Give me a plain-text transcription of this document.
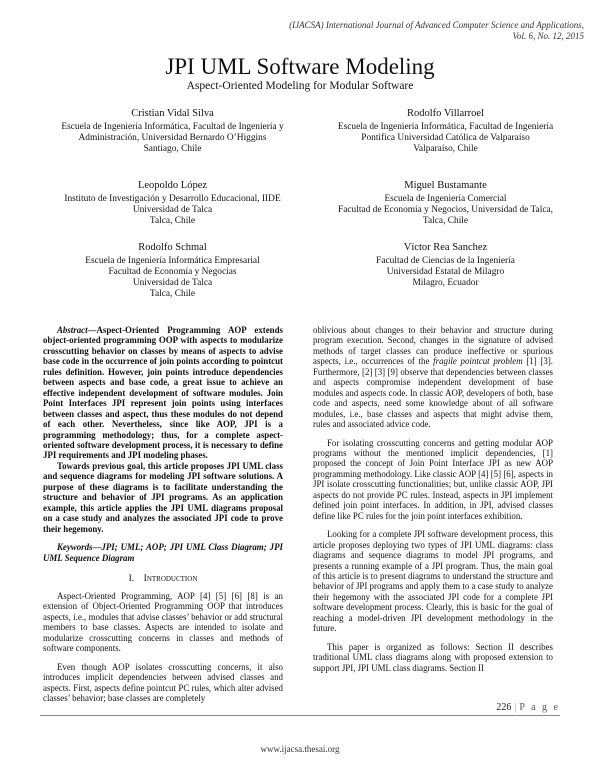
(IJACSA) International Journal of Advanced Computer Science and Applications,
Vol. 6, No. 12, 2015
JPI UML Software Modeling
Aspect-Oriented Modeling for Modular Software
Cristian Vidal Silva
Escuela de Ingeniería Informática, Facultad de Ingeniería y
Administración, Universidad Bernardo O’Higgins
Santiago, Chile
Rodolfo Villarroel
Escuela de Ingeniería Informática, Facultad de Ingeniería
Pontifica Universidad Católica de Valparaíso
Valparaíso, Chile
Leopoldo López
Instituto de Investigación y Desarrollo Educacional, IIDE
Universidad de Talca
Talca, Chile
Miguel Bustamante
Escuela de Ingeniería Comercial
Facultad de Economía y Negocios, Universidad de Talca,
Talca, Chile
Rodolfo Schmal
Escuela de Ingeniería Informática Empresarial
Facultad de Economía y Negocias
Universidad de Talca
Talca, Chile
Víctor Rea Sanchez
Facultad de Ciencias de la Ingeniería
Universidad Estatal de Milagro
Milagro, Ecuador

Abstract—Aspect-Oriented Programming AOP extends object-oriented programming OOP with aspects to modularize crosscutting behavior on classes by means of aspects to advise base code in the occurrence of join points according to pointcut rules definition. However, join points introduce dependencies between aspects and base code, a great issue to achieve an effective independent development of software modules. Join Point Interfaces JPI represent join points using interfaces between classes and aspect, thus these modules do not depend of each other. Nevertheless, since like AOP, JPI is a programming methodology; thus, for a complete aspect-oriented software development process, it is necessary to define JPI requirements and JPI modeling phases.

Towards previous goal, this article proposes JPI UML class and sequence diagrams for modeling JPI software solutions. A purpose of these diagrams is to facilitate understanding the structure and behavior of JPI programs. As an application example, this article applies the JPI UML diagrams proposal on a case study and analyzes the associated JPI code to prove their hegemony.

Keywords—JPI; UML; AOP; JPI UML Class Diagram; JPI UML Sequence Diagram

I. Introduction

Aspect-Oriented Programming, AOP [4] [5] [6] [8] is an extension of Object-Oriented Programming OOP that introduces aspects, i.e., modules that advise classes’ behavior or add structural members to base classes. Aspects are intended to isolate and modularize crosscutting concerns in classes and methods of software components.

Even though AOP isolates crosscutting concerns, it also introduces implicit dependencies between advised classes and aspects. First, aspects define pointcut PC rules, which alter advised classes’ behavior; base classes are completely

oblivious about changes to their behavior and structure during program execution. Second, changes in the signature of advised methods of target classes can produce ineffective or spurious aspects, i.e., occurrences of the fragile pointcut problem [1] [3]. Furthermore, [2] [3] [9] observe that dependencies between classes and aspects compromise independent development of base modules and aspects code. In classic AOP, developers of both, base code and aspects, need some knowledge about of all software modules, i.e., base classes and aspects that might advise them, rules and associated advice code.

For isolating crosscutting concerns and getting modular AOP programs without the mentioned implicit dependencies, [1] proposed the concept of Join Point Interface JPI as new AOP programming methodology. Like classic AOP [4] [5] [6], aspects in JPI isolate crosscutting functionalities; but, unlike classic AOP, JPI aspects do not provide PC rules. Instead, aspects in JPI implement defined join point interfaces. In addition, in JPI, advised classes define like PC rules for the join point interfaces exhibition.

Looking for a complete JPI software development process, this article proposes deploying two types of JPI UML diagrams: class diagrams and sequence diagrams to model JPI programs, and presents a running example of a JPI program. Thus, the main goal of this article is to present diagrams to understand the structure and behavior of JPI programs and apply them to a case study to analyze their hegemony with the associated JPI code for a complete JPI software development process. Clearly, this is basic for the goal of reaching a model-driven JPI development methodology in the future.

This paper is organized as follows: Section II describes traditional UML class diagrams along with proposed extension to support JPI, JPI UML class diagrams. Section II

226 | P a g e
www.ijacsa.thesai.org
